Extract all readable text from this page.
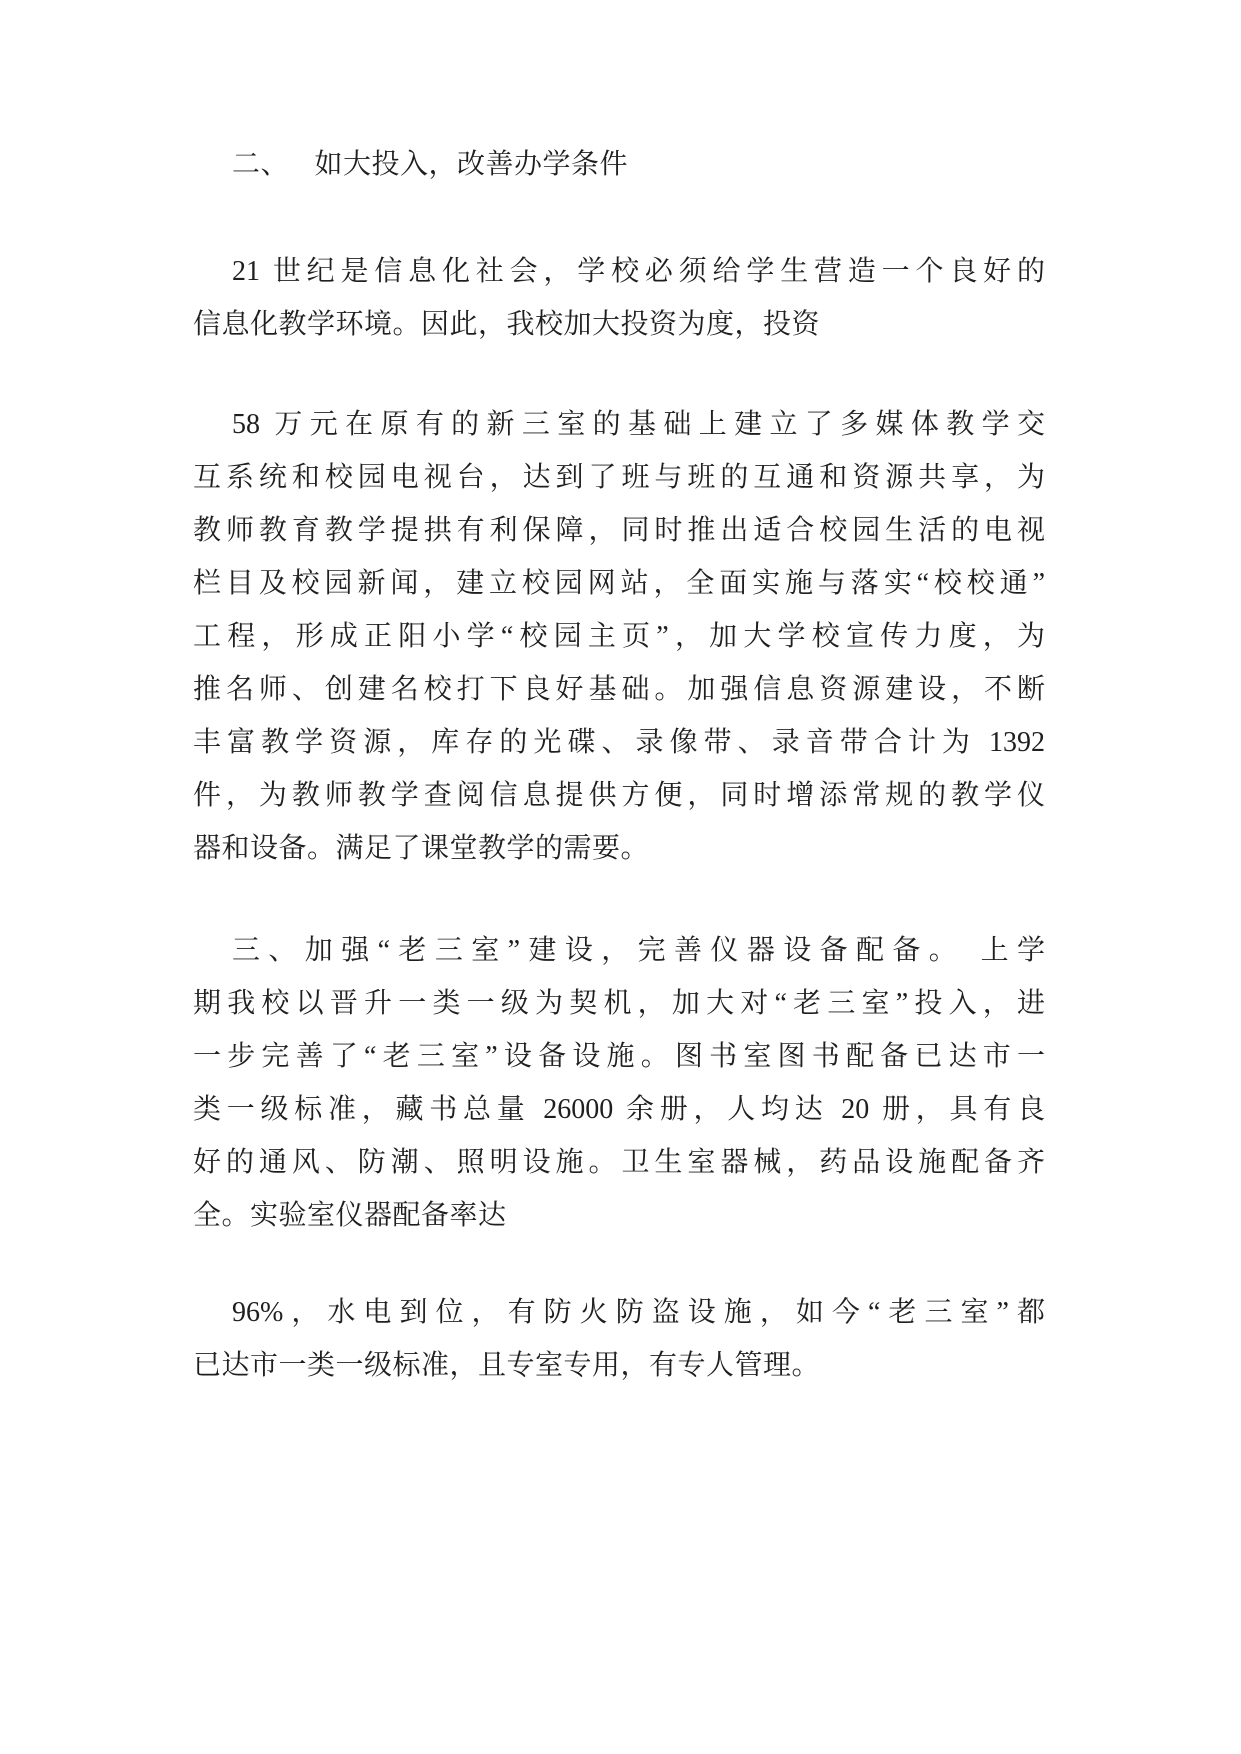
二、 如大投入，改善办学条件
21 世纪是信息化社会，学校必须给学生营造一个良好的
信息化教学环境。因此，我校加大投资为度，投资
58 万元在原有的新三室的基础上建立了多媒体教学交
互系统和校园电视台，达到了班与班的互通和资源共享，为
教师教育教学提拱有利保障，同时推出适合校园生活的电视
栏目及校园新闻，建立校园网站，全面实施与落实“校校通”
工程，形成正阳小学“校园主页”，加大学校宣传力度，为
推名师、创建名校打下良好基础。加强信息资源建设，不断
丰富教学资源，库存的光碟、录像带、录音带合计为 1392
件，为教师教学查阅信息提供方便，同时增添常规的教学仪
器和设备。满足了课堂教学的需要。
三、加强“老三室”建设，完善仪器设备配备。 上学
期我校以晋升一类一级为契机，加大对“老三室”投入，进
一步完善了“老三室”设备设施。图书室图书配备已达市一
类一级标准，藏书总量 26000 余册，人均达 20 册，具有良
好的通风、防潮、照明设施。卫生室器械，药品设施配备齐
全。实验室仪器配备率达
96%，水电到位，有防火防盗设施，如今“老三室”都
已达市一类一级标准，且专室专用，有专人管理。
